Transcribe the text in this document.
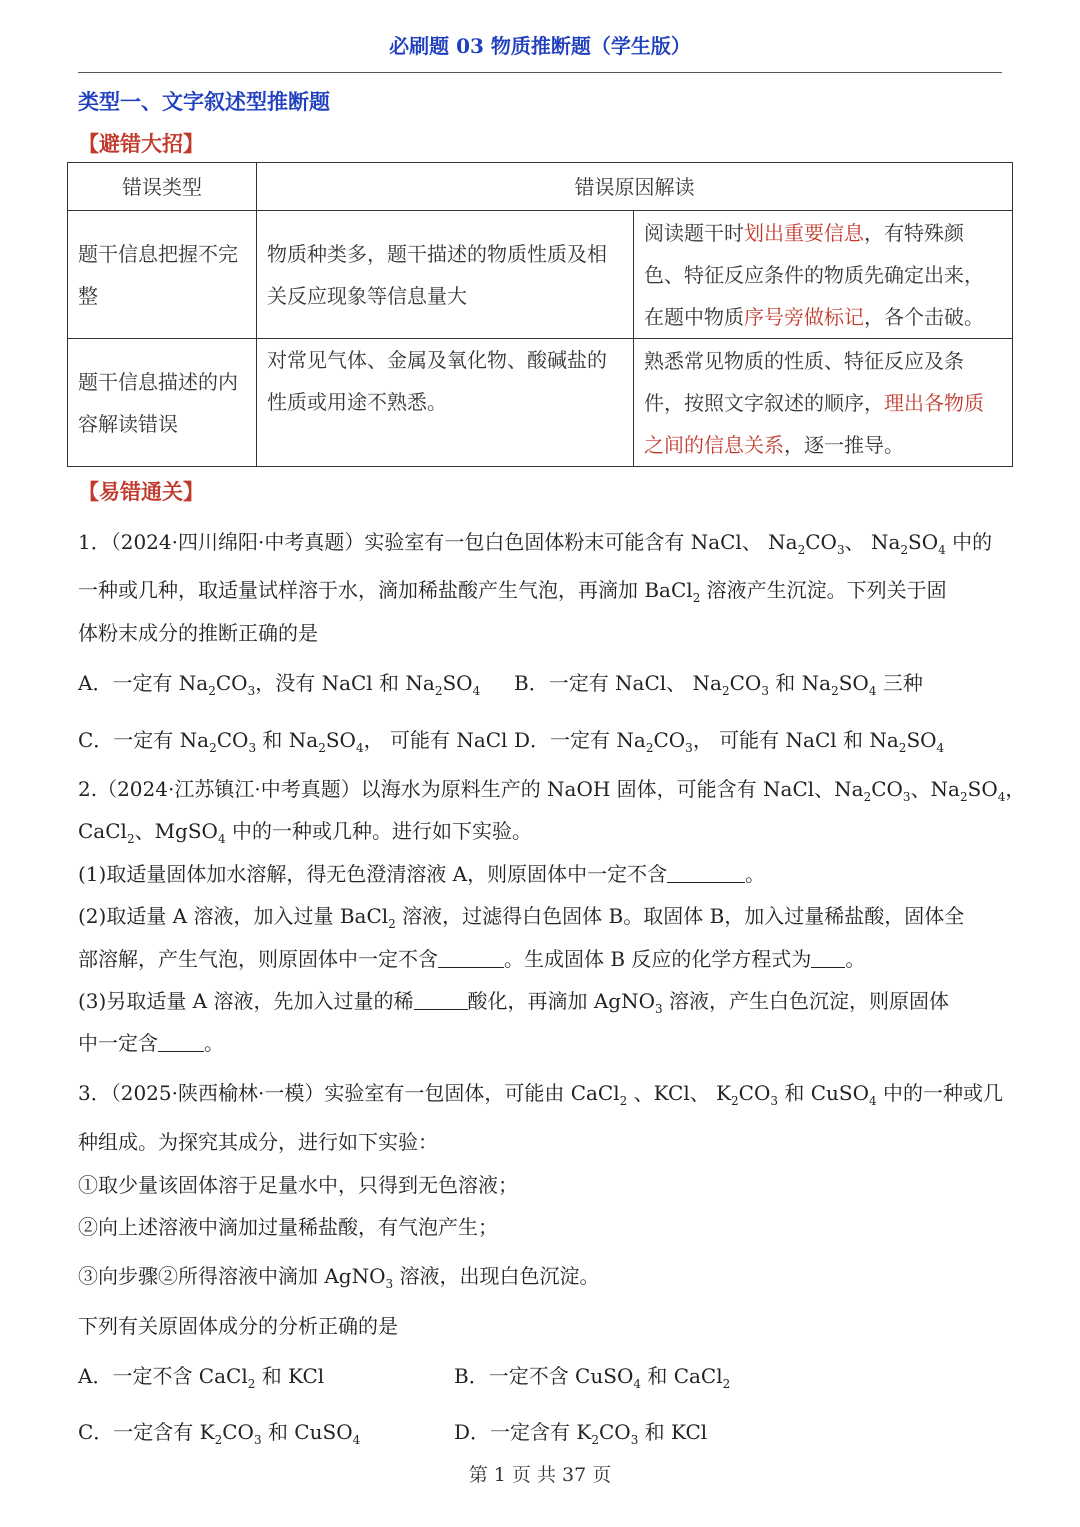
必刷题 03 物质推断题（学生版）
类型一、文字叙述型推断题
【避错大招】
错误类型	错误原因解读	
题干信息把握不完整	物质种类多，题干描述的物质性质及相关反应现象等信息量大	阅读题干时划出重要信息，有特殊颜色、特征反应条件的物质先确定出来，在题中物质序号旁做标记，各个击破。
题干信息描述的内容解读错误	对常见气体、金属及氧化物、酸碱盐的性质或用途不熟悉。	熟悉常见物质的性质、特征反应及条件，按照文字叙述的顺序，理出各物质之间的信息关系，逐一推导。
【易错通关】
1．（2024·四川绵阳·中考真题）实验室有一包白色固体粉末可能含有 NaCl、 $Na_2CO_3$、 $Na_2SO_4$ 中的
一种或几种，取适量试样溶于水，滴加稀盐酸产生气泡，再滴加 BaCl$_2$ 溶液产生沉淀。下列关于固
体粉末成分的推断正确的是
A．一定有 $Na_2CO_3$，没有 NaCl 和 $Na_2SO_4$ B．一定有 NaCl、 $Na_2CO_3$ 和 $Na_2SO_4$ 三种
C．一定有 $Na_2CO_3$ 和 $Na_2SO_4$， 可能有 NaCl D．一定有 $Na_2CO_3$， 可能有 NaCl 和 $Na_2SO_4$
2.（2024·江苏镇江·中考真题）以海水为原料生产的 NaOH 固体，可能含有 NaCl、$Na_2CO_3$、$Na_2SO_4$，
CaCl$_2$、MgSO$_4$ 中的一种或几种。进行如下实验。
(1)取适量固体加水溶解，得无色澄清溶液 A，则原固体中一定不含	。
(2)取适量 A 溶液，加入过量 BaCl$_2$ 溶液，过滤得白色固体 B。取固体 B，加入过量稀盐酸，固体全
部溶解，产生气泡，则原固体中一定不含	。生成固体 B 反应的化学方程式为 。
(3)另取适量 A 溶液，先加入过量的稀	酸化，再滴加 AgNO$_3$ 溶液，产生白色沉淀，则原固体
中一定含 。
3．（2025·陕西榆林·一模）实验室有一包固体，可能由 CaCl$_2$ 、KCl、 $K_2CO_3$ 和 CuSO$_4$ 中的一种或几
种组成。为探究其成分，进行如下实验：
①取少量该固体溶于足量水中，只得到无色溶液；
②向上述溶液中滴加过量稀盐酸，有气泡产生；
③向步骤②所得溶液中滴加 AgNO$_3$ 溶液，出现白色沉淀。
下列有关原固体成分的分析正确的是
A．一定不含 CaCl$_2$ 和 KCl	B．一定不含 CuSO$_4$ 和 CaCl$_2$
C．一定含有 $K_2CO_3$ 和 CuSO$_4$	D．一定含有 $K_2CO_3$ 和 KCl
第 1 页 共 37 页
